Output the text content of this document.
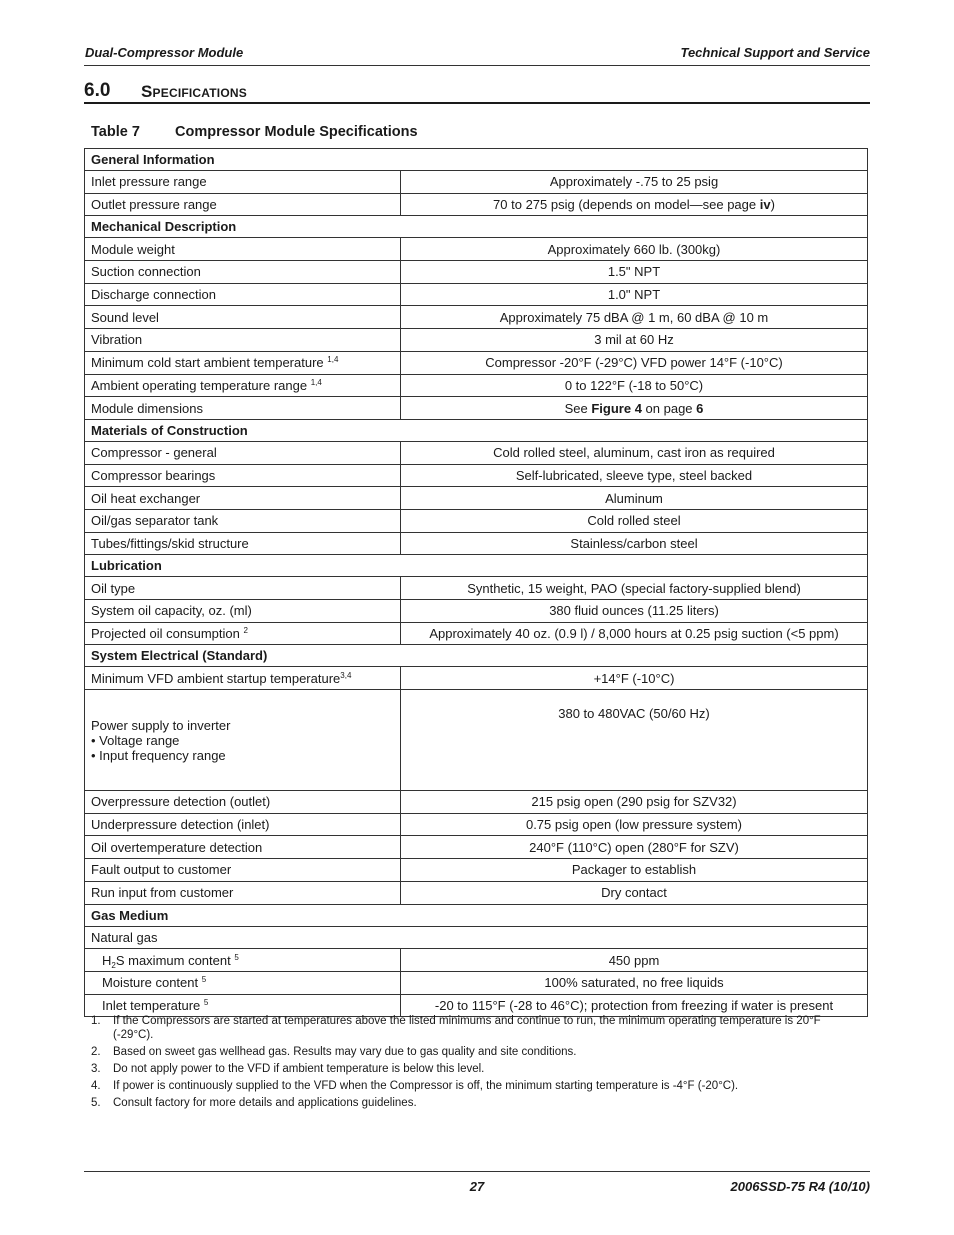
Dual-Compressor Module	Technical Support and Service
6.0 Specifications
Table 7 Compressor Module Specifications
General Information	
Inlet pressure range	Approximately -.75 to 25 psig
Outlet pressure range	70 to 275 psig (depends on model—see page iv)
Mechanical Description	
Module weight	Approximately 660 lb. (300kg)
Suction connection	1.5" NPT
Discharge connection	1.0" NPT
Sound level	Approximately 75 dBA @ 1 m, 60 dBA @ 10 m
Vibration	3 mil at 60 Hz
Minimum cold start ambient temperature $^{1,4}$	Compressor -20°F (-29°C) VFD power 14°F (-10°C)
Ambient operating temperature range $^{1,4}$	0 to 122°F (-18 to 50°C)
Module dimensions	See Figure 4 on page 6
Materials of Construction	
Compressor - general	Cold rolled steel, aluminum, cast iron as required
Compressor bearings	Self-lubricated, sleeve type, steel backed
Oil heat exchanger	Aluminum
Oil/gas separator tank	Cold rolled steel
Tubes/fittings/skid structure	Stainless/carbon steel
Lubrication	
Oil type	Synthetic, 15 weight, PAO (special factory-supplied blend)
System oil capacity, oz. (ml)	380 fluid ounces (11.25 liters)
Projected oil consumption $^2$	Approximately 40 oz. (0.9 l) / 8,000 hours at 0.25 psig suction (<5 ppm)
System Electrical (Standard)	
Minimum VFD ambient startup temperature$^{3,4}$	+14°F (-10°C)

Power supply to inverter
• Voltage range
• Input frequency range	380 to 480VAC (50/60 Hz)
Overpressure detection (outlet)	215 psig open (290 psig for SZV32)
Underpressure detection (inlet)	0.75 psig open (low pressure system)
Oil overtemperature detection	240°F (110°C) open (280°F for SZV)
Fault output to customer	Packager to establish
Run input from customer	Dry contact
Gas Medium	
Natural gas	
$H_2S$ maximum content $^5$	450 ppm
Moisture content $^5$	100% saturated, no free liquids
Inlet temperature $^5$	-20 to 115°F (-28 to 46°C); protection from freezing if water is present
1.	If the Compressors are started at temperatures above the listed minimums and continue to run, the minimum operating temperature is 20°F (-29°C).
2.	Based on sweet gas wellhead gas. Results may vary due to gas quality and site conditions.
3.	Do not apply power to the VFD if ambient temperature is below this level.
4.	If power is continuously supplied to the VFD when the Compressor is off, the minimum starting temperature is -4°F (-20°C).
5.	Consult factory for more details and applications guidelines.
27	2006SSD-75 R4 (10/10)
